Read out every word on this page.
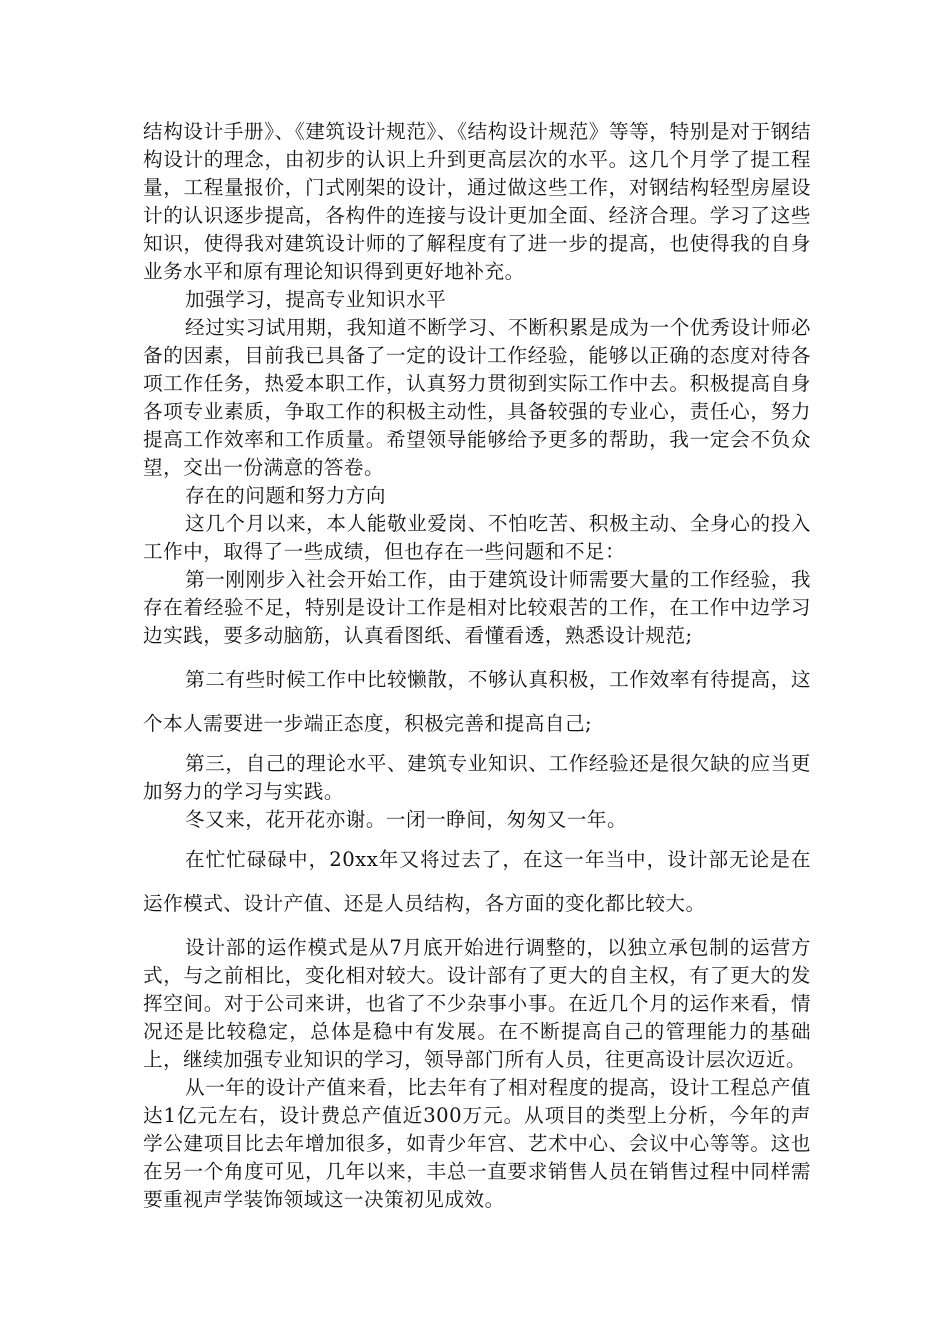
结构设计手册》、《建筑设计规范》、《结构设计规范》等等，特别是对于钢结构设计的理念，由初步的认识上升到更高层次的水平。这几个月学了提工程量，工程量报价，门式刚架的设计，通过做这些工作，对钢结构轻型房屋设计的认识逐步提高，各构件的连接与设计更加全面、经济合理。学习了这些知识，使得我对建筑设计师的了解程度有了进一步的提高，也使得我的自身业务水平和原有理论知识得到更好地补充。

加强学习，提高专业知识水平

经过实习试用期，我知道不断学习、不断积累是成为一个优秀设计师必备的因素，目前我已具备了一定的设计工作经验，能够以正确的态度对待各项工作任务，热爱本职工作，认真努力贯彻到实际工作中去。积极提高自身各项专业素质，争取工作的积极主动性，具备较强的专业心，责任心，努力提高工作效率和工作质量。希望领导能够给予更多的帮助，我一定会不负众望，交出一份满意的答卷。

存在的问题和努力方向

这几个月以来，本人能敬业爱岗、不怕吃苦、积极主动、全身心的投入工作中，取得了一些成绩，但也存在一些问题和不足：

第一刚刚步入社会开始工作，由于建筑设计师需要大量的工作经验，我存在着经验不足，特别是设计工作是相对比较艰苦的工作，在工作中边学习边实践，要多动脑筋，认真看图纸、看懂看透，熟悉设计规范;

第二有些时候工作中比较懒散，不够认真积极，工作效率有待提高，这个本人需要进一步端正态度，积极完善和提高自己;

第三，自己的理论水平、建筑专业知识、工作经验还是很欠缺的应当更加努力的学习与实践。

冬又来，花开花亦谢。一闭一睁间，匆匆又一年。

在忙忙碌碌中，20xx年又将过去了，在这一年当中，设计部无论是在运作模式、设计产值、还是人员结构，各方面的变化都比较大。

设计部的运作模式是从7月底开始进行调整的，以独立承包制的运营方式，与之前相比，变化相对较大。设计部有了更大的自主权，有了更大的发挥空间。对于公司来讲，也省了不少杂事小事。在近几个月的运作来看，情况还是比较稳定，总体是稳中有发展。在不断提高自己的管理能力的基础上，继续加强专业知识的学习，领导部门所有人员，往更高设计层次迈近。

从一年的设计产值来看，比去年有了相对程度的提高，设计工程总产值达1亿元左右，设计费总产值近300万元。从项目的类型上分析，今年的声学公建项目比去年增加很多，如青少年宫、艺术中心、会议中心等等。这也在另一个角度可见，几年以来，丰总一直要求销售人员在销售过程中同样需要重视声学装饰领域这一决策初见成效。
